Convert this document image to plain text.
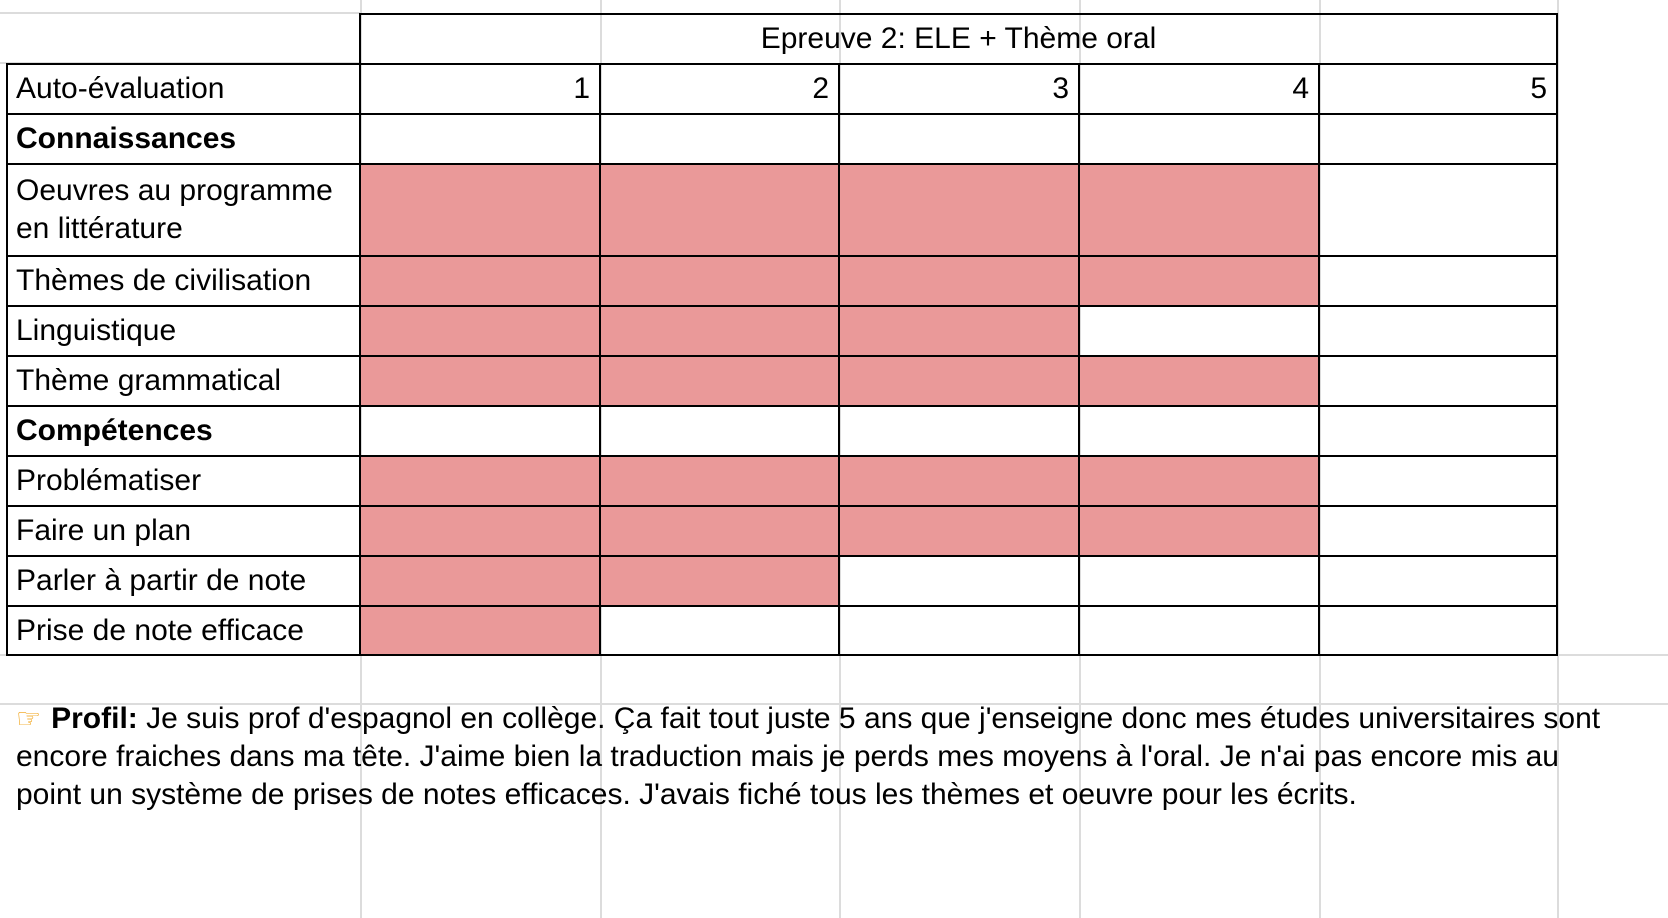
Epreuve 2: ELE + Thème oral
Auto-évaluation	1	2	3	4	5
Connaissances
Oeuvres au programme en littérature
Thèmes de civilisation
Linguistique
Thème grammatical
Compétences
Problématiser
Faire un plan
Parler à partir de note
Prise de note efficace
☞ Profil: Je suis prof d'espagnol en collège. Ça fait tout juste 5 ans que j'enseigne donc mes études universitaires sont encore fraiches dans ma tête. J'aime bien la traduction mais je perds mes moyens à l'oral. Je n'ai pas encore mis au point un système de prises de notes efficaces. J'avais fiché tous les thèmes et oeuvre pour les écrits.
